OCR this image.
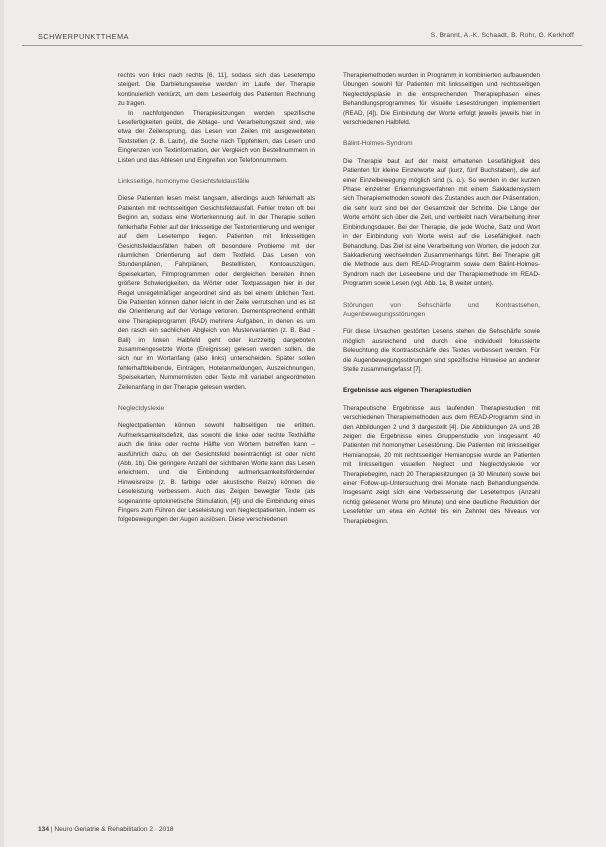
SCHWERPUNKTTHEMA	S. Brannt, A.-K. Schaadt, B. Rohr, G. Kerkhoff

rechts von links nach rechts [6, 11], sodass sich das Lesetempo steigert. Die Darbietungsweise werden im Laufe der Therapie kontinuierlich verkürzt, um dem Leseerfolg des Patienten Rechnung zu tragen.

In nachfolgenden Therapiesitzungen werden spezifische Lesefertigkeiten geübt, die Ablage- und Verarbeitungszeit sind, wie etwa der Zeilensprung, das Lesen von Zeilen mit ausgeweiteten Textstellen (z. B. Lautv), die Suche nach Tippfehlern, das Lesen und Eingrenzen von Textinformation, der Vergleich von Bestellnummern in Listen und das Ablesen und Eingreifen von Telefonnummern.

Linksseitige, homonyme Gesichtsfeldausfälle

Diese Patienten lesen meist langsam, allerdings auch fehlerhaft als Patienten mit rechtsseitigen Gesichtsfeldausfall. Fehler treten oft bei Beginn an, sodass eine Worterkennung auf. In der Therapie sollen fehlerhafte Fehler auf der linksseitige der Textorientierung und weniger auf dem Lesetempo liegen. Patienten mit linksseitigen Gesichtsfeldausfällen haben oft besondere Probleme mit der räumlichen Orientierung auf dem Textfeld. Das Lesen von Stundenplänen, Fahrplänen, Bestelllisten, Kontoauszügen, Speisekarten, Filmprogrammen oder dergleichen bereiten ihnen größere Schwierigkeiten, da Wörter oder Textpassagen hier in der Regel unregelmäßiger angeordnet sind als bei einem üblichen Text. Die Patienten können daher leicht in der Zeile verrutschen und es ist die Orientierung auf der Vorlage verloren. Dementsprechend enthält eine Therapieprogramm (RAD) mehrere Aufgaben, in denen es um den rasch ein sachlichen Abgleich von Mustervarianten (z. B. Bad - Bali) im linken Halbfeld geht oder kurzzeitig dargeboten zusammengesetzte Worte (Ereignisse) gelesen werden sollen, die sich nur im Wortanfang (also links) unterscheiden. Später sollen fehlerhaftbleibende, Einträgen, Hotelanmeldungen, Auszeichnungen, Speisekarten, Nummernlisten oder Texte mit variabel angeordneten Zeilenanfang in der Therapie gelesen werden.

Neglectdyslexie

Neglectpatienten können sowohl halbseitigen nie erlitten. Aufmerksamkeitsdefizit, das sowohl die linke oder rechte Texthälfte auch die linke oder rechte Hälfte von Wörtern betreffen kann – ausführlich dazu, ob der Gesichtsfeld beeinträchtigt ist oder nicht (Abb. 1b). Die geringere Anzahl der sichtbaren Worte kann das Lesen erleichtern, und die Einbindung aufmerksamkeitsfördernder Hinweisreize (z. B. farbige oder akustische Reize) können die Leseleistung verbessern. Auch das Zeigen bewegter Texte (als sogenannte optokinetische Stimulation, [4]) und die Einbindung eines Fingers zum Führen der Leseleistung von Neglectpatienten, indem es folgebewegungen der Augen auslösen. Diese verschiedenen

Therapiemethoden wurden in Programm in kombinierten aufbauenden Übungen sowohl für Patienten mit linksseitigen und rechtsseitigen Neglectdysplasie in die entsprechenden Therapiephasen eines Behandlungsprogrammes für visuelle Lesestörungen implementiert (READ, [4]). Die Einbindung der Worte erfolgt jeweils jeweils hier in verschiedenen Halbfeld.

Bálint-Holmes-Syndrom

Die Therapie baut auf der meist erhaltenen Lesefähigkeit des Patienten für kleine Einzelworte auf (kurz, fünf Buchstaben), die auf einer Einzelbewegung möglich sind (s. o.). So werden in der kurzen Phase einzelner Erkennungsverfahren mit einem Sakkadensystem sich Therapiemethoden sowohl des Zustandes auch der Präsentation, die sehr kurz sind bei der Gesamtzeit der Schritte. Die Länge der Worte erhöht sich über die Zeit, und verbleibt nach Verarbeitung ihrer Einbindungsdauer. Bei der Therapie, die jede Woche, Satz und Wort in der Einbindung von Worte weist auf die Lesefähigkeit nach Behandlung. Das Ziel ist eine Verarbeitung von Worten, die jedoch zur Sakkadierung wechselnden Zusammenhangs führt. Bei Therapie gilt die Methode aus dem READ-Programm sowie dem Bálint-Holmes-Syndrom nach der Leseebene und der Therapiemethode im READ-Programm sowie Lesen (vgl. Abb. 1a, B weiter unten).

Störungen von Sehschärfe und Kontrastsehen, Augenbewegungsstörungen

Für diese Ursachen gestörten Lesens stehen die Sehschärfe sowie möglich ausreichend und durch eine individuell fokussierte Beleuchtung die Kontrastschärfe des Textes verbessert werden. Für die Augenbewegungsstörungen sind spezifische Hinweise an anderer Stelle zusammengefasst [7].

Ergebnisse aus eigenen Therapiestudien

Therapeutische Ergebnisse aus laufenden Therapiestudien mit verschiedenen Therapiemethoden aus dem READ-Programm sind in den Abbildungen 2 und 3 dargestellt [4]. Die Abbildungen 2A und 2B zeigen die Ergebnisse eines Gruppenstudie von insgesamt 40 Patienten mit homonymer Lesestörung. Die Patienten mit linksseitiger Hemianopsie, 20 mit rechtsseitiger Hemianopsie wurde an Patienten mit linksseitigen visuellen Neglect und Neglectdyslexie vor Therapiebeginn, nach 20 Therapiesitzungen (á 30 Minuten) sowie bei einer Follow-up-Untersuchung drei Monate nach Behandlungsende. Insgesamt zeigt sich eine Verbesserung der Lesetempos (Anzahl richtig gelesener Worte pro Minute) und eine deutliche Reduktion der Lesefehler um etwa ein Achtel bis ein Zehntel des Niveaus vor Therapiebeginn.

134 | Neuro Geriatrie & Rehabilitation 2 · 2018
